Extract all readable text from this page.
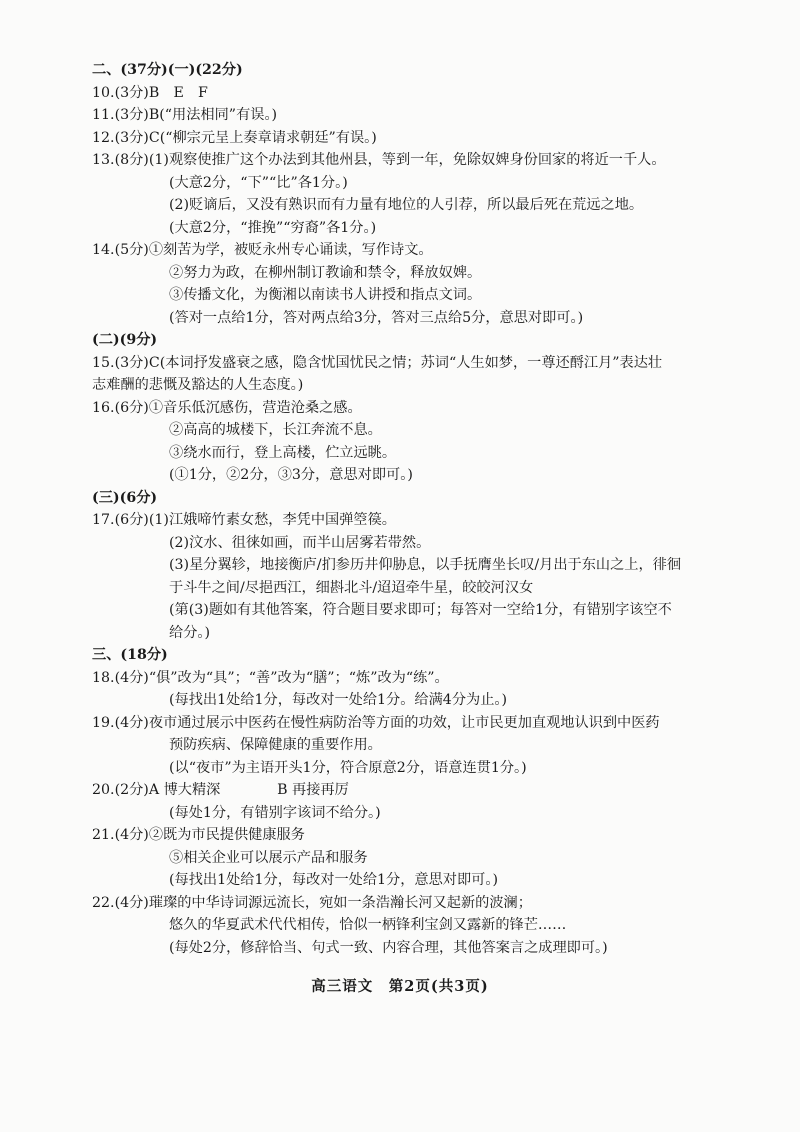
二、(37分)(一)(22分)
10.(3分)B　E　F
11.(3分)B(“用法相同”有误。)
12.(3分)C(“柳宗元呈上奏章请求朝廷”有误。)
13.(8分)(1)观察使推广这个办法到其他州县，等到一年，免除奴婢身份回家的将近一千人。
(大意2分，“下”“比”各1分。)
(2)贬谪后，又没有熟识而有力量有地位的人引荐，所以最后死在荒远之地。
(大意2分，“推挽”“穷裔”各1分。)
14.(5分)①刻苦为学，被贬永州专心诵读，写作诗文。
②努力为政，在柳州制订教谕和禁令，释放奴婢。
③传播文化，为衡湘以南读书人讲授和指点文词。
(答对一点给1分，答对两点给3分，答对三点给5分，意思对即可。)
(二)(9分)
15.(3分)C(本词抒发盛衰之感，隐含忧国忧民之情；苏词“人生如梦，一尊还酹江月”表达壮
志难酬的悲慨及豁达的人生态度。)
16.(6分)①音乐低沉感伤，营造沧桑之感。
②高高的城楼下，长江奔流不息。
③绕水而行，登上高楼，伫立远眺。
(①1分，②2分，③3分，意思对即可。)
(三)(6分)
17.(6分)(1)江娥啼竹素女愁，李凭中国弹箜篌。
(2)汶水、徂徕如画，而半山居雾若带然。
(3)星分翼轸，地接衡庐/扪参历井仰胁息，以手抚膺坐长叹/月出于东山之上，徘徊
于斗牛之间/尽挹西江，细斟北斗/迢迢牵牛星，皎皎河汉女
(第(3)题如有其他答案，符合题目要求即可；每答对一空给1分，有错别字该空不
给分。)
三、(18分)
18.(4分)“俱”改为“具”；“善”改为“膳”；“炼”改为“练”。
(每找出1处给1分，每改对一处给1分。给满4分为止。)
19.(4分)夜市通过展示中医药在慢性病防治等方面的功效，让市民更加直观地认识到中医药
预防疾病、保障健康的重要作用。
(以“夜市”为主语开头1分，符合原意2分，语意连贯1分。)
20.(2分)A 博大精深　　　　B 再接再厉
(每处1分，有错别字该词不给分。)
21.(4分)②既为市民提供健康服务
⑤相关企业可以展示产品和服务
(每找出1处给1分，每改对一处给1分，意思对即可。)
22.(4分)璀璨的中华诗词源远流长，宛如一条浩瀚长河又起新的波澜；
悠久的华夏武术代代相传，恰似一柄锋利宝剑又露新的锋芒……
(每处2分，修辞恰当、句式一致、内容合理，其他答案言之成理即可。)
高三语文　第2页(共3页)
